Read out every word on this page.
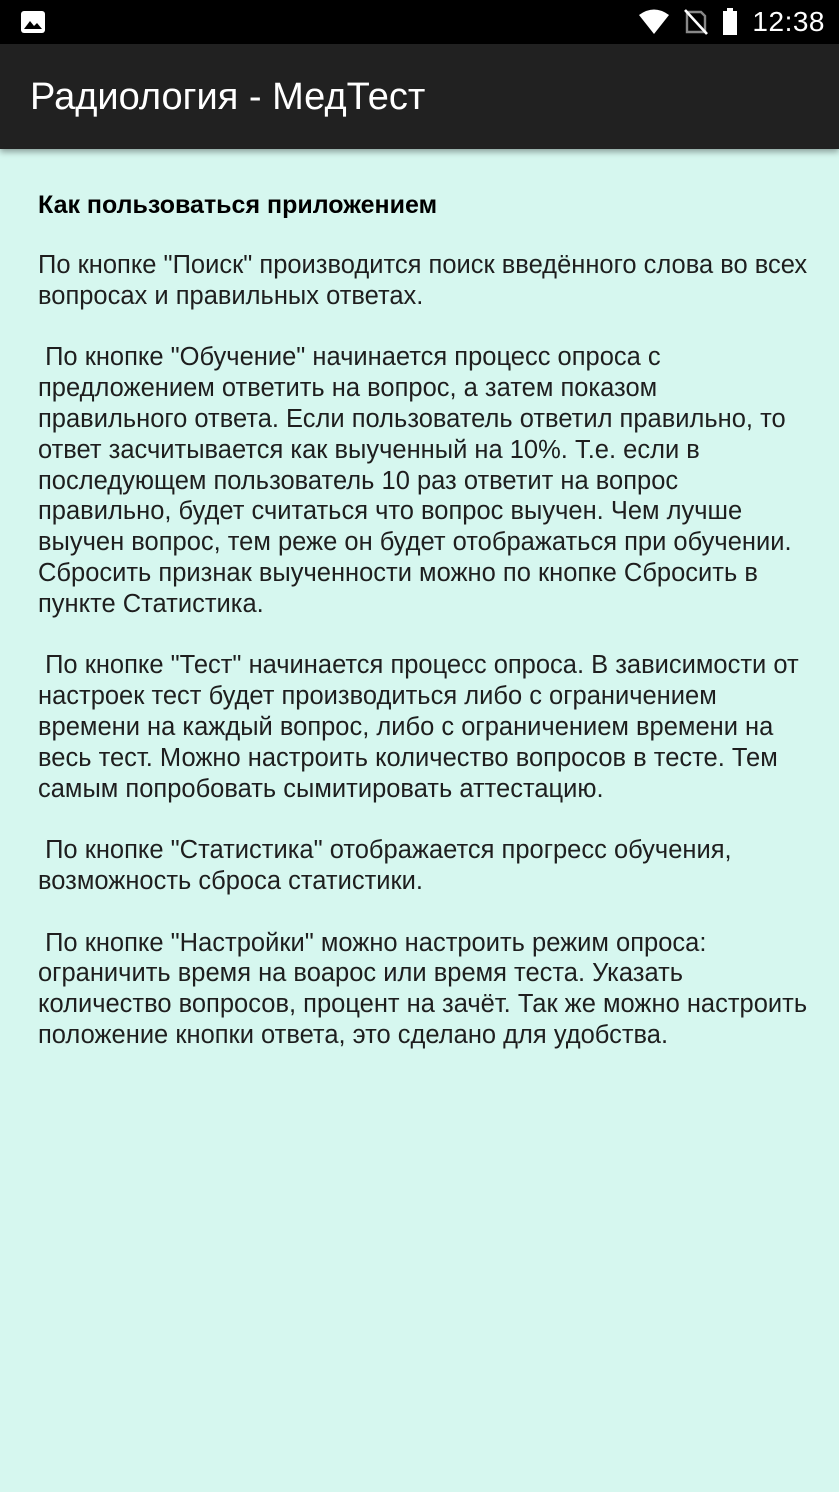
12:38
Радиология - МедТест
Как пользоваться приложением
По кнопке "Поиск" производится поиск введённого слова во всех вопросах и правильных ответах.
По кнопке "Обучение" начинается процесс опроса с предложением ответить на вопрос, а затем показом правильного ответа. Если пользователь ответил правильно, то ответ засчитывается как выученный на 10%. Т.е. если в последующем пользователь 10 раз ответит на вопрос правильно, будет считаться что вопрос выучен. Чем лучше выучен вопрос, тем реже он будет отображаться при обучении. Сбросить признак выученности можно по кнопке Сбросить в пункте Статистика.
По кнопке "Тест" начинается процесс опроса. В зависимости от настроек тест будет производиться либо с ограничением времени на каждый вопрос, либо с ограничением времени на весь тест. Можно настроить количество вопросов в тесте. Тем самым попробовать сымитировать аттестацию.
По кнопке "Статистика" отображается прогресс обучения, возможность сброса статистики.
По кнопке "Настройки" можно настроить режим опроса: ограничить время на воарос или время теста. Указать количество вопросов, процент на зачёт. Так же можно настроить положение кнопки ответа, это сделано для удобства.
